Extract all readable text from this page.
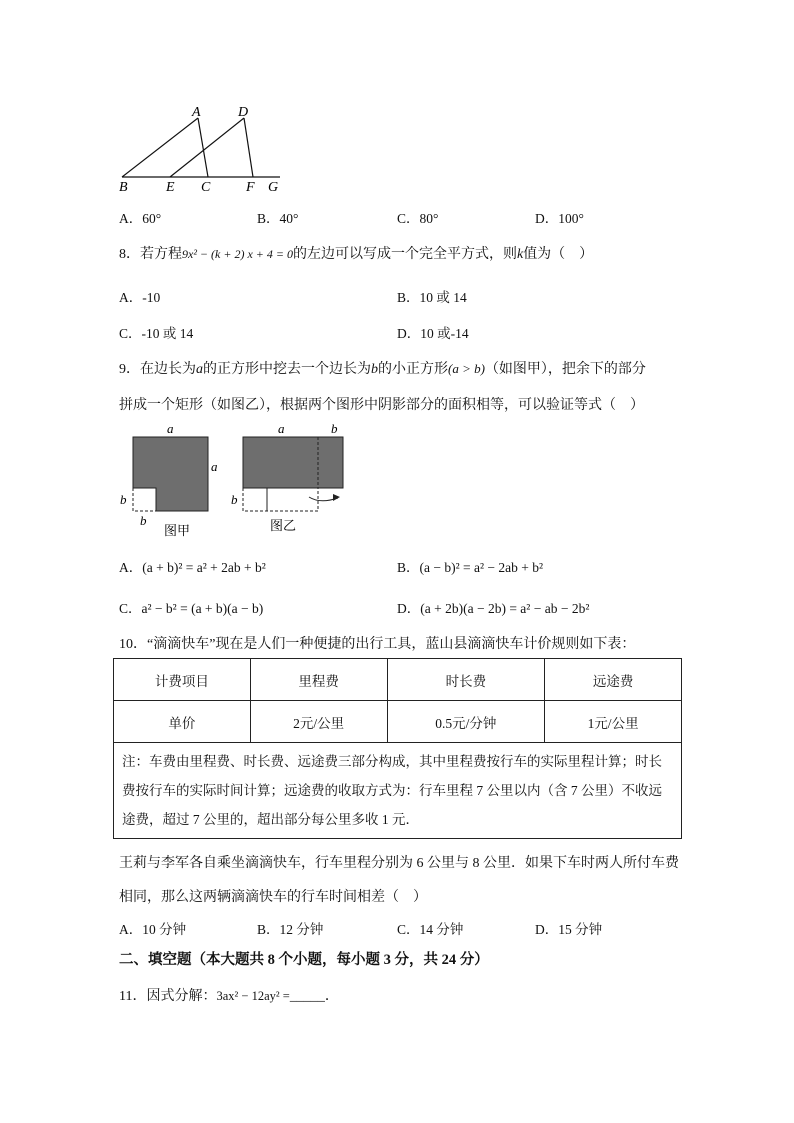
A	D
B	E C	F G
A．60°	B．40°	C．80°	D．100°
8．若方程9x² − (k + 2) x + 4 = 0的左边可以写成一个完全平方式，则k值为（　）
A．-10	B．10 或 14
C．-10 或 14	D．10 或-14
9．在边长为a的正方形中挖去一个边长为b的小正方形(a > b)（如图甲），把余下的部分
拼成一个矩形（如图乙），根据两个图形中阴影部分的面积相等，可以验证等式（　）
a
a
b
b
图甲
a	b
b
图乙
A．(a + b)² = a² + 2ab + b²	B．(a − b)² = a² − 2ab + b²
C．a² − b² = (a + b)(a − b)	D．(a + 2b)(a − 2b) = a² − ab − 2b²
10．“滴滴快车”现在是人们一种便捷的出行工具，蓝山县滴滴快车计价规则如下表：
计费项目	里程费	时长费	远途费
单价	2元/公里	0.5元/分钟	1元/公里
注：车费由里程费、时长费、远途费三部分构成，其中里程费按行车的实际里程计算；时长费按行车的实际时间计算；远途费的收取方式为：行车里程 7 公里以内（含 7 公里）不收远途费，超过 7 公里的，超出部分每公里多收 1 元．			
王莉与李军各自乘坐滴滴快车，行车里程分别为 6 公里与 8 公里．如果下车时两人所付车费
相同，那么这两辆滴滴快车的行车时间相差（　）
A．10 分钟	B．12 分钟	C．14 分钟	D．15 分钟
二、填空题（本大题共 8 个小题，每小题 3 分，共 24 分）
11．因式分解：3ax² − 12ay² =_____．
